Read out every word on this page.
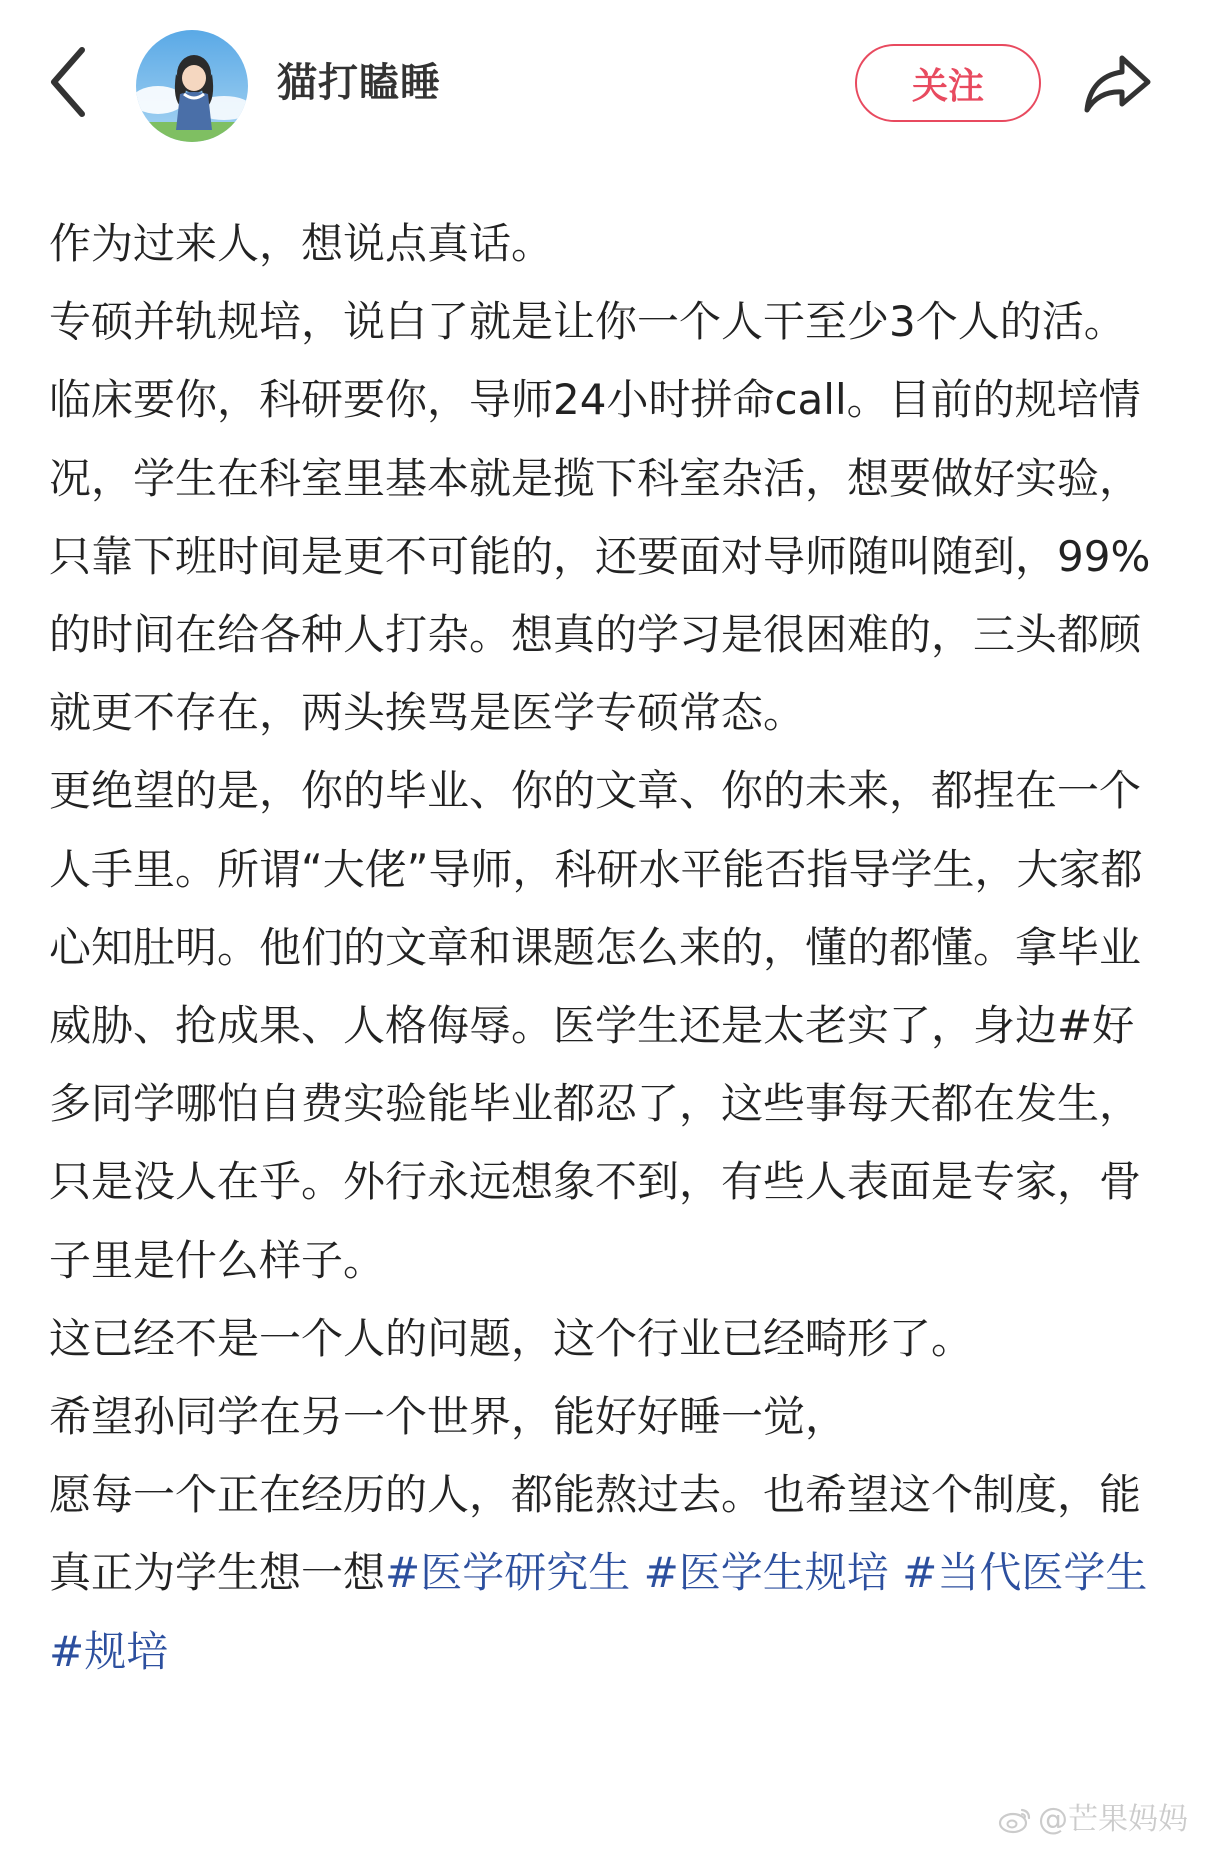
猫打瞌睡	关注

作为过来人，想说点真话。

专硕并轨规培，说白了就是让你一个人干至少3个人的活。临床要你，科研要你，导师24小时拼命call。目前的规培情况，学生在科室里基本就是揽下科室杂活，想要做好实验，只靠下班时间是更不可能的，还要面对导师随叫随到，99%的时间在给各种人打杂。想真的学习是很困难的，三头都顾就更不存在，两头挨骂是医学专硕常态。

更绝望的是，你的毕业、你的文章、你的未来，都捏在一个人手里。所谓“大佬”导师，科研水平能否指导学生，大家都心知肚明。他们的文章和课题怎么来的，懂的都懂。拿毕业威胁、抢成果、人格侮辱。医学生还是太老实了，身边#好多同学哪怕自费实验能毕业都忍了，这些事每天都在发生，只是没人在乎。外行永远想象不到，有些人表面是专家，骨子里是什么样子。

这已经不是一个人的问题，这个行业已经畸形了。

希望孙同学在另一个世界，能好好睡一觉，

愿每一个正在经历的人，都能熬过去。也希望这个制度，能真正为学生想一想#医学研究生 #医学生规培 #当代医学生 #规培

@芒果妈妈
